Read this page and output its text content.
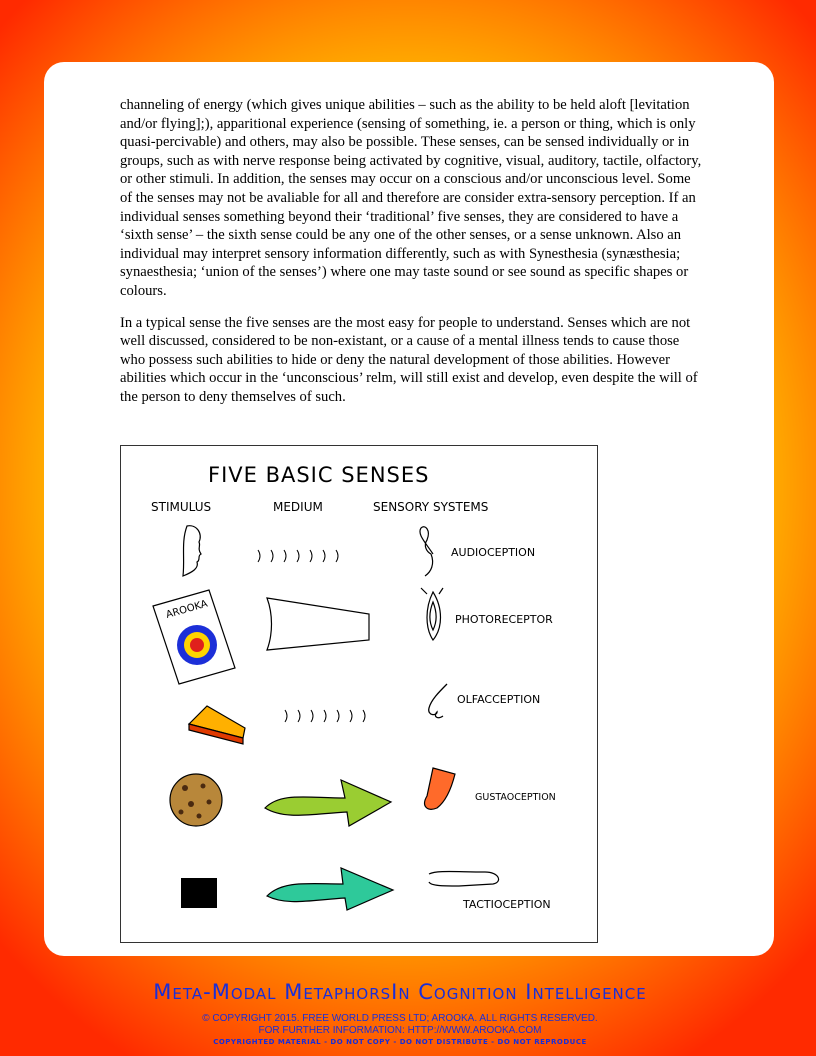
channeling of energy (which gives unique abilities – such as the ability to be held aloft [levitation and/or flying];), apparitional experience (sensing of something, ie. a person or thing, which is only quasi-percivable) and others, may also be possible. These senses, can be sensed individually or in groups, such as with nerve response being activated by cognitive, visual, auditory, tactile, olfactory, or other stimuli. In addition, the senses may occur on a conscious and/or unconscious level. Some of the senses may not be avaliable for all and therefore are consider extra-sensory perception. If an individual senses something beyond their ‘traditional’ five senses, they are considered to have a ‘sixth sense’ – the sixth sense could be any one of the other senses, or a sense unknown. Also an individual may interpret sensory information differently, such as with Synesthesia (synæsthesia; synaesthesia; ‘union of the senses’) where one may taste sound or see sound as specific shapes or colours.

In a typical sense the five senses are the most easy for people to understand. Senses which are not well discussed, considered to be non-existant, or a cause of a mental illness tends to cause those who possess such abilities to hide or deny the natural development of those abilities. However abilities which occur in the ‘unconscious’ relm, will still exist and develop, even despite the will of the person to deny themselves of such.

FIVE BASIC SENSES
STIMULUS	MEDIUM	SENSORY SYSTEMS
AUDIOCEPTION
AROOKA	PHOTORECEPTOR
OLFACCEPTION
GUSTAOCEPTION
TACTIOCEPTION
Meta-Modal MetaphorsIn Cognition Intelligence
© COPYRIGHT 2015. FREE WORLD PRESS LTD; AROOKA. ALL RIGHTS RESERVED.
FOR FURTHER INFORMATION: HTTP://WWW.AROOKA.COM
COPYRIGHTED MATERIAL - DO NOT COPY - DO NOT DISTRIBUTE - DO NOT REPRODUCE
